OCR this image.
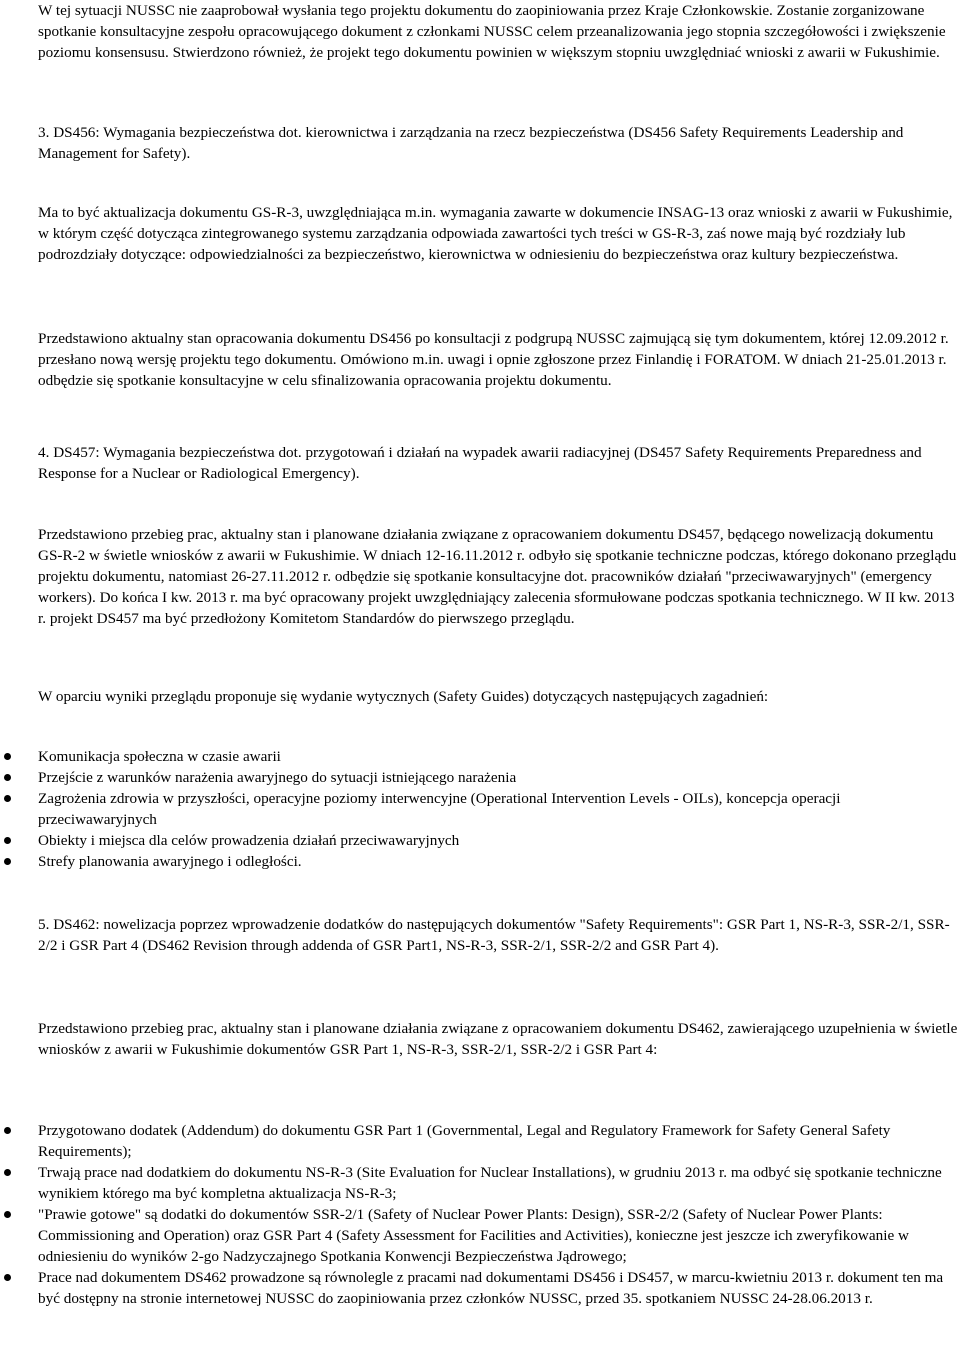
W tej sytuacji NUSSC nie zaaprobował wysłania tego projektu dokumentu do zaopiniowania przez Kraje Członkowskie. Zostanie zorganizowane spotkanie konsultacyjne zespołu opracowującego dokument z członkami NUSSC celem przeanalizowania jego stopnia szczegółowości i zwiększenie poziomu konsensusu. Stwierdzono również, że projekt tego dokumentu powinien w większym stopniu uwzględniać wnioski z awarii w Fukushimie.

3. DS456: Wymagania bezpieczeństwa dot. kierownictwa i zarządzania na rzecz bezpieczeństwa (DS456 Safety Requirements Leadership and Management for Safety).

Ma to być aktualizacja dokumentu GS-R-3, uwzględniająca m.in. wymagania zawarte w dokumencie INSAG-13 oraz wnioski z awarii w Fukushimie, w którym część dotycząca zintegrowanego systemu zarządzania odpowiada zawartości tych treści w GS-R-3, zaś nowe mają być rozdziały lub podrozdziały dotyczące: odpowiedzialności za bezpieczeństwo, kierownictwa w odniesieniu do bezpieczeństwa oraz kultury bezpieczeństwa.

Przedstawiono aktualny stan opracowania dokumentu DS456 po konsultacji z podgrupą NUSSC zajmującą się tym dokumentem, której 12.09.2012 r. przesłano nową wersję projektu tego dokumentu. Omówiono m.in. uwagi i opnie zgłoszone przez Finlandię i FORATOM. W dniach 21-25.01.2013 r. odbędzie się spotkanie konsultacyjne w celu sfinalizowania opracowania projektu dokumentu.

4. DS457: Wymagania bezpieczeństwa dot. przygotowań i działań na wypadek awarii radiacyjnej (DS457 Safety Requirements Preparedness and Response for a Nuclear or Radiological Emergency).

Przedstawiono przebieg prac, aktualny stan i planowane działania związane z opracowaniem dokumentu DS457, będącego nowelizacją dokumentu GS-R-2 w świetle wniosków z awarii w Fukushimie. W dniach 12-16.11.2012 r. odbyło się spotkanie techniczne podczas, którego dokonano przeglądu projektu dokumentu, natomiast 26-27.11.2012 r. odbędzie się spotkanie konsultacyjne dot. pracowników działań "przeciwawaryjnych" (emergency workers). Do końca I kw. 2013 r. ma być opracowany projekt uwzględniający zalecenia sformułowane podczas spotkania technicznego. W II kw. 2013 r. projekt DS457 ma być przedłożony Komitetom Standardów do pierwszego przeglądu.

W oparciu wyniki przeglądu proponuje się wydanie wytycznych (Safety Guides) dotyczących następujących zagadnień:

Komunikacja społeczna w czasie awarii
Przejście z warunków narażenia awaryjnego do sytuacji istniejącego narażenia
Zagrożenia zdrowia w przyszłości, operacyjne poziomy interwencyjne (Operational Intervention Levels - OILs), koncepcja operacji przeciwawaryjnych
Obiekty i miejsca dla celów prowadzenia działań przeciwawaryjnych
Strefy planowania awaryjnego i odległości.

5. DS462: nowelizacja poprzez wprowadzenie dodatków do następujących dokumentów "Safety Requirements": GSR Part 1, NS-R-3, SSR-2/1, SSR-2/2 i GSR Part 4 (DS462 Revision through addenda of GSR Part1, NS-R-3, SSR-2/1, SSR-2/2 and GSR Part 4).

Przedstawiono przebieg prac, aktualny stan i planowane działania związane z opracowaniem dokumentu DS462, zawierającego uzupełnienia w świetle wniosków z awarii w Fukushimie dokumentów GSR Part 1, NS-R-3, SSR-2/1, SSR-2/2 i GSR Part 4:

Przygotowano dodatek (Addendum) do dokumentu GSR Part 1 (Governmental, Legal and Regulatory Framework for Safety General Safety Requirements);
Trwają prace nad dodatkiem do dokumentu NS-R-3 (Site Evaluation for Nuclear Installations), w grudniu 2013 r. ma odbyć się spotkanie techniczne wynikiem którego ma być kompletna aktualizacja NS-R-3;
"Prawie gotowe" są dodatki do dokumentów SSR-2/1 (Safety of Nuclear Power Plants: Design), SSR-2/2 (Safety of Nuclear Power Plants: Commissioning and Operation) oraz GSR Part 4 (Safety Assessment for Facilities and Activities), konieczne jest jeszcze ich zweryfikowanie w odniesieniu do wyników 2-go Nadzyczajnego Spotkania Konwencji Bezpieczeństwa Jądrowego;
Prace nad dokumentem DS462 prowadzone są równolegle z pracami nad dokumentami DS456 i DS457, w marcu-kwietniu 2013 r. dokument ten ma być dostępny na stronie internetowej NUSSC do zaopiniowania przez członków NUSSC, przed 35. spotkaniem NUSSC 24-28.06.2013 r.
